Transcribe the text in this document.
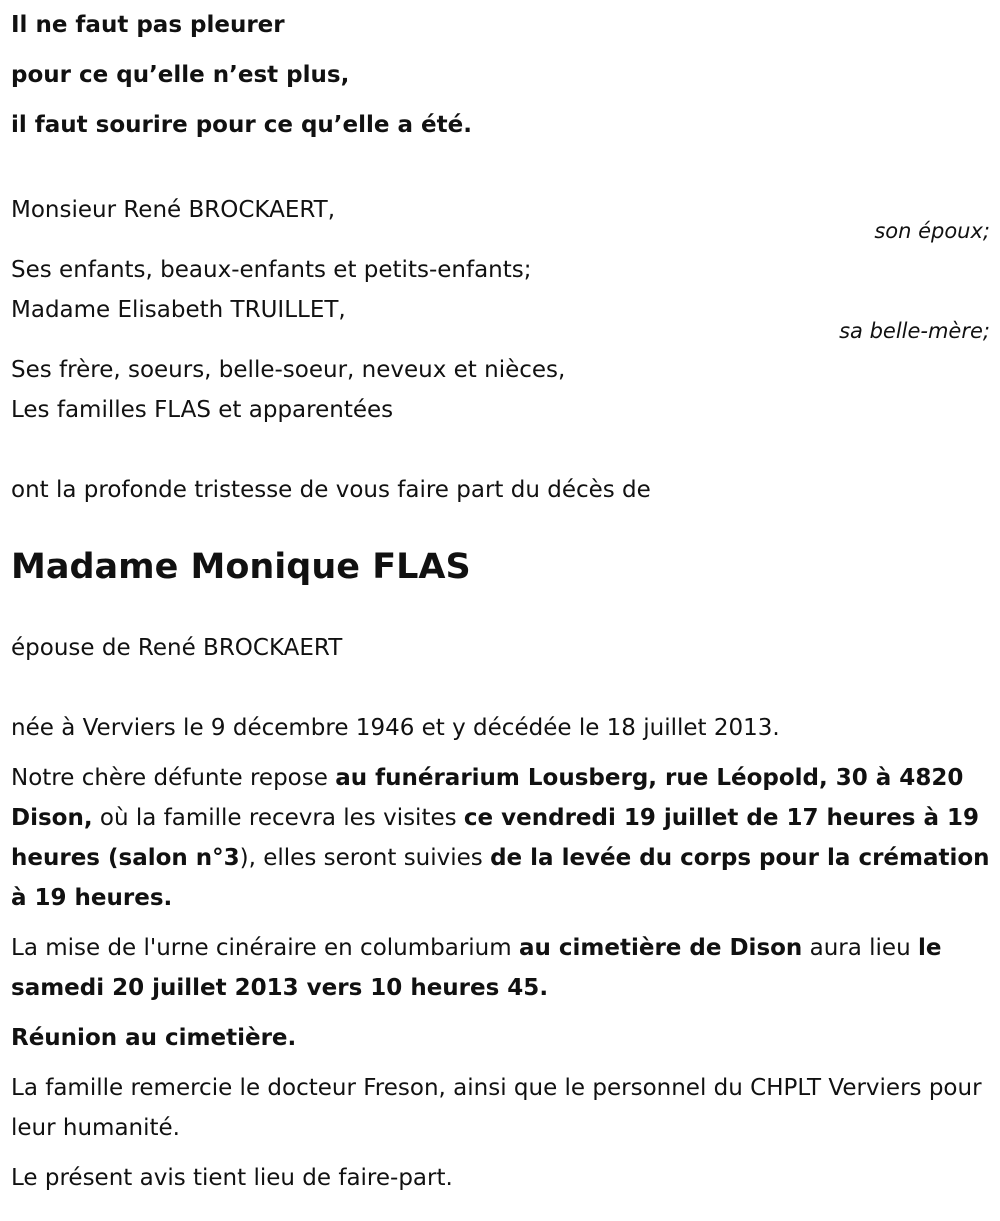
Il ne faut pas pleurer

pour ce qu’elle n’est plus,

il faut sourire pour ce qu’elle a été.

Monsieur René BROCKAERT,
son époux;
Ses enfants, beaux-enfants et petits-enfants;
Madame Elisabeth TRUILLET,
sa belle-mère;
Ses frère, soeurs, belle-soeur, neveux et nièces,
Les familles FLAS et apparentées
ont la profonde tristesse de vous faire part du décès de
Madame Monique FLAS
épouse de René BROCKAERT
née à Verviers le 9 décembre 1946 et y décédée le 18 juillet 2013.
Notre chère défunte repose au funérarium Lousberg, rue Léopold, 30 à 4820 Dison, où la famille recevra les visites ce vendredi 19 juillet de 17 heures à 19 heures (salon n°3), elles seront suivies de la levée du corps pour la crémation à 19 heures.
La mise de l'urne cinéraire en columbarium au cimetière de Dison aura lieu le samedi 20 juillet 2013 vers 10 heures 45.
Réunion au cimetière.
La famille remercie le docteur Freson, ainsi que le personnel du CHPLT Verviers pour leur humanité.
Le présent avis tient lieu de faire-part.
